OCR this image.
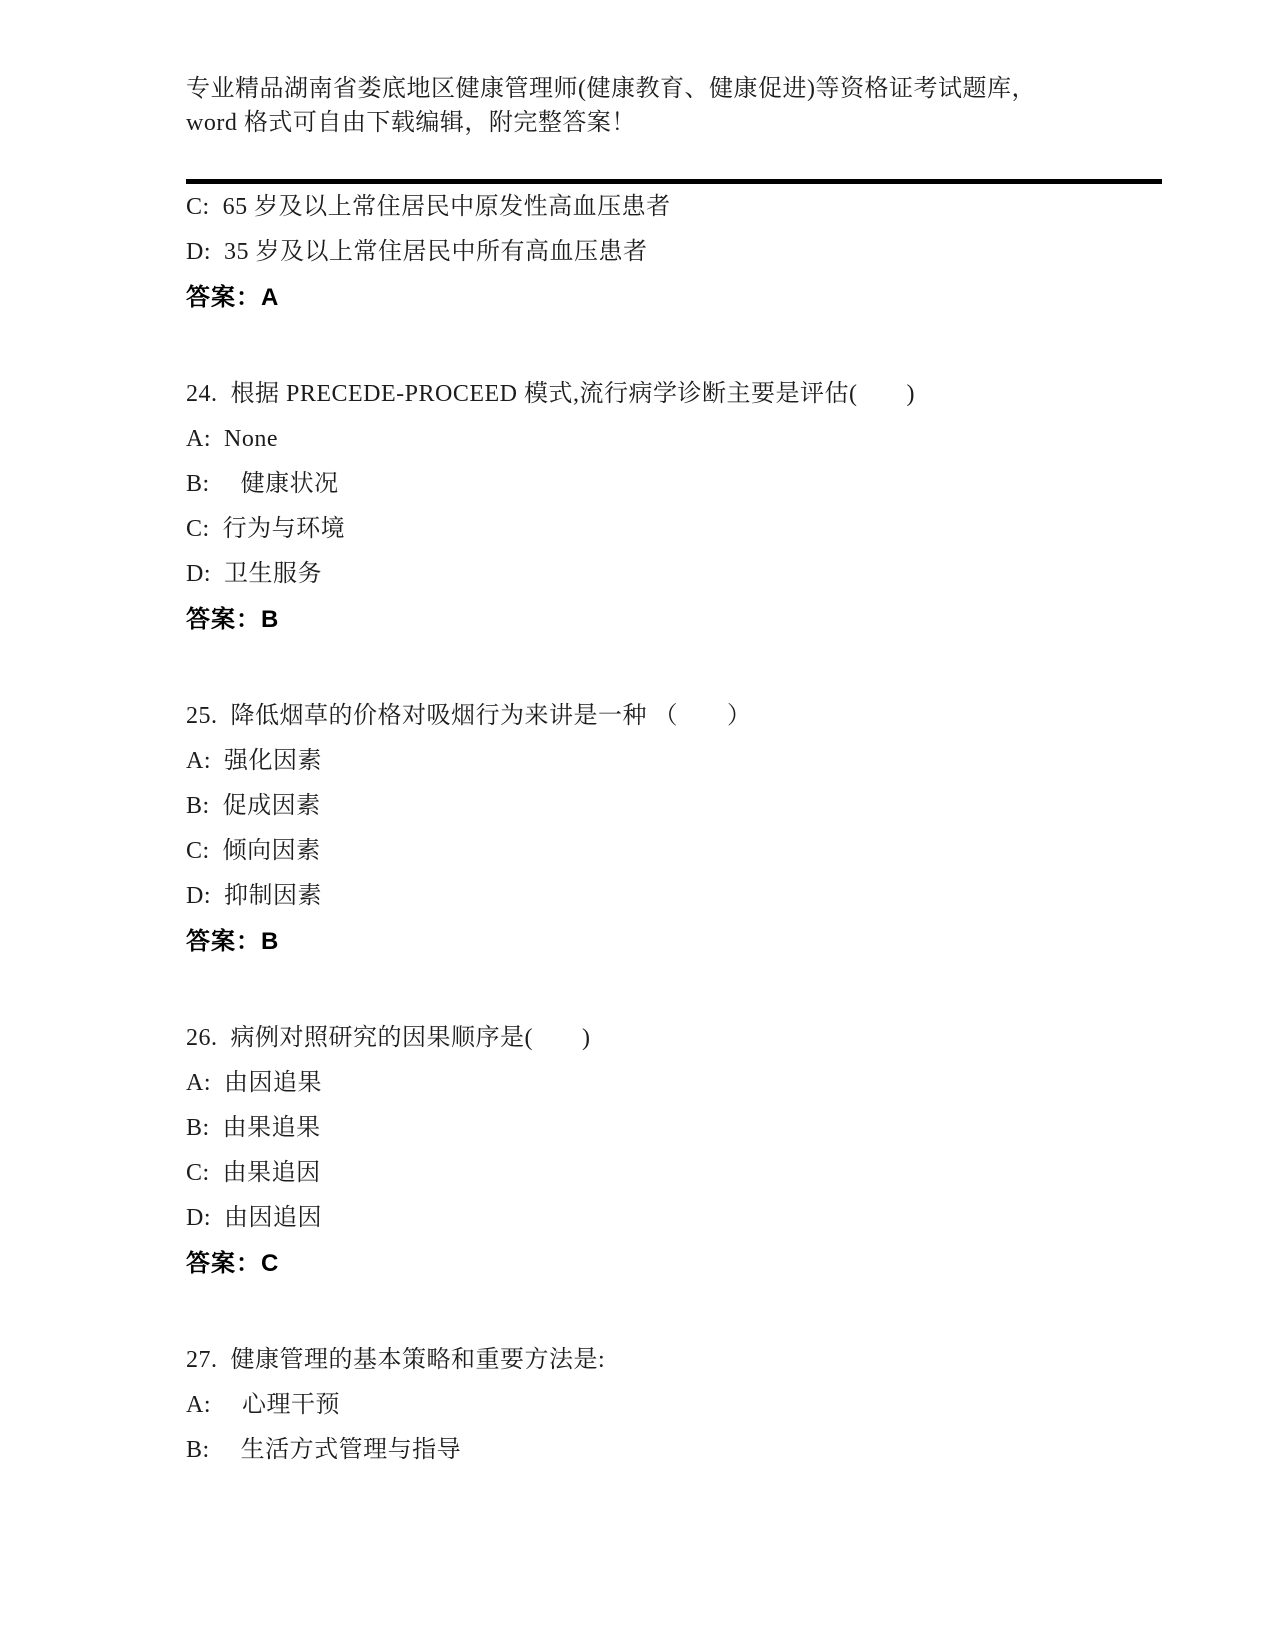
专业精品湖南省娄底地区健康管理师(健康教育、健康促进)等资格证考试题库，

word 格式可自由下载编辑，附完整答案！

C:  65 岁及以上常住居民中原发性高血压患者

D:  35 岁及以上常住居民中所有高血压患者

答案：A

24.  根据 PRECEDE-PROCEED 模式,流行病学诊断主要是评估(　　)

A:  None

B:　 健康状况

C:  行为与环境

D:  卫生服务

答案：B

25.  降低烟草的价格对吸烟行为来讲是一种 （　　）

A:  强化因素

B:  促成因素

C:  倾向因素

D:  抑制因素

答案：B

26.  病例对照研究的因果顺序是(　　)

A:  由因追果

B:  由果追果

C:  由果追因

D:  由因追因

答案：C

27.  健康管理的基本策略和重要方法是:

A:　 心理干预

B:　 生活方式管理与指导
